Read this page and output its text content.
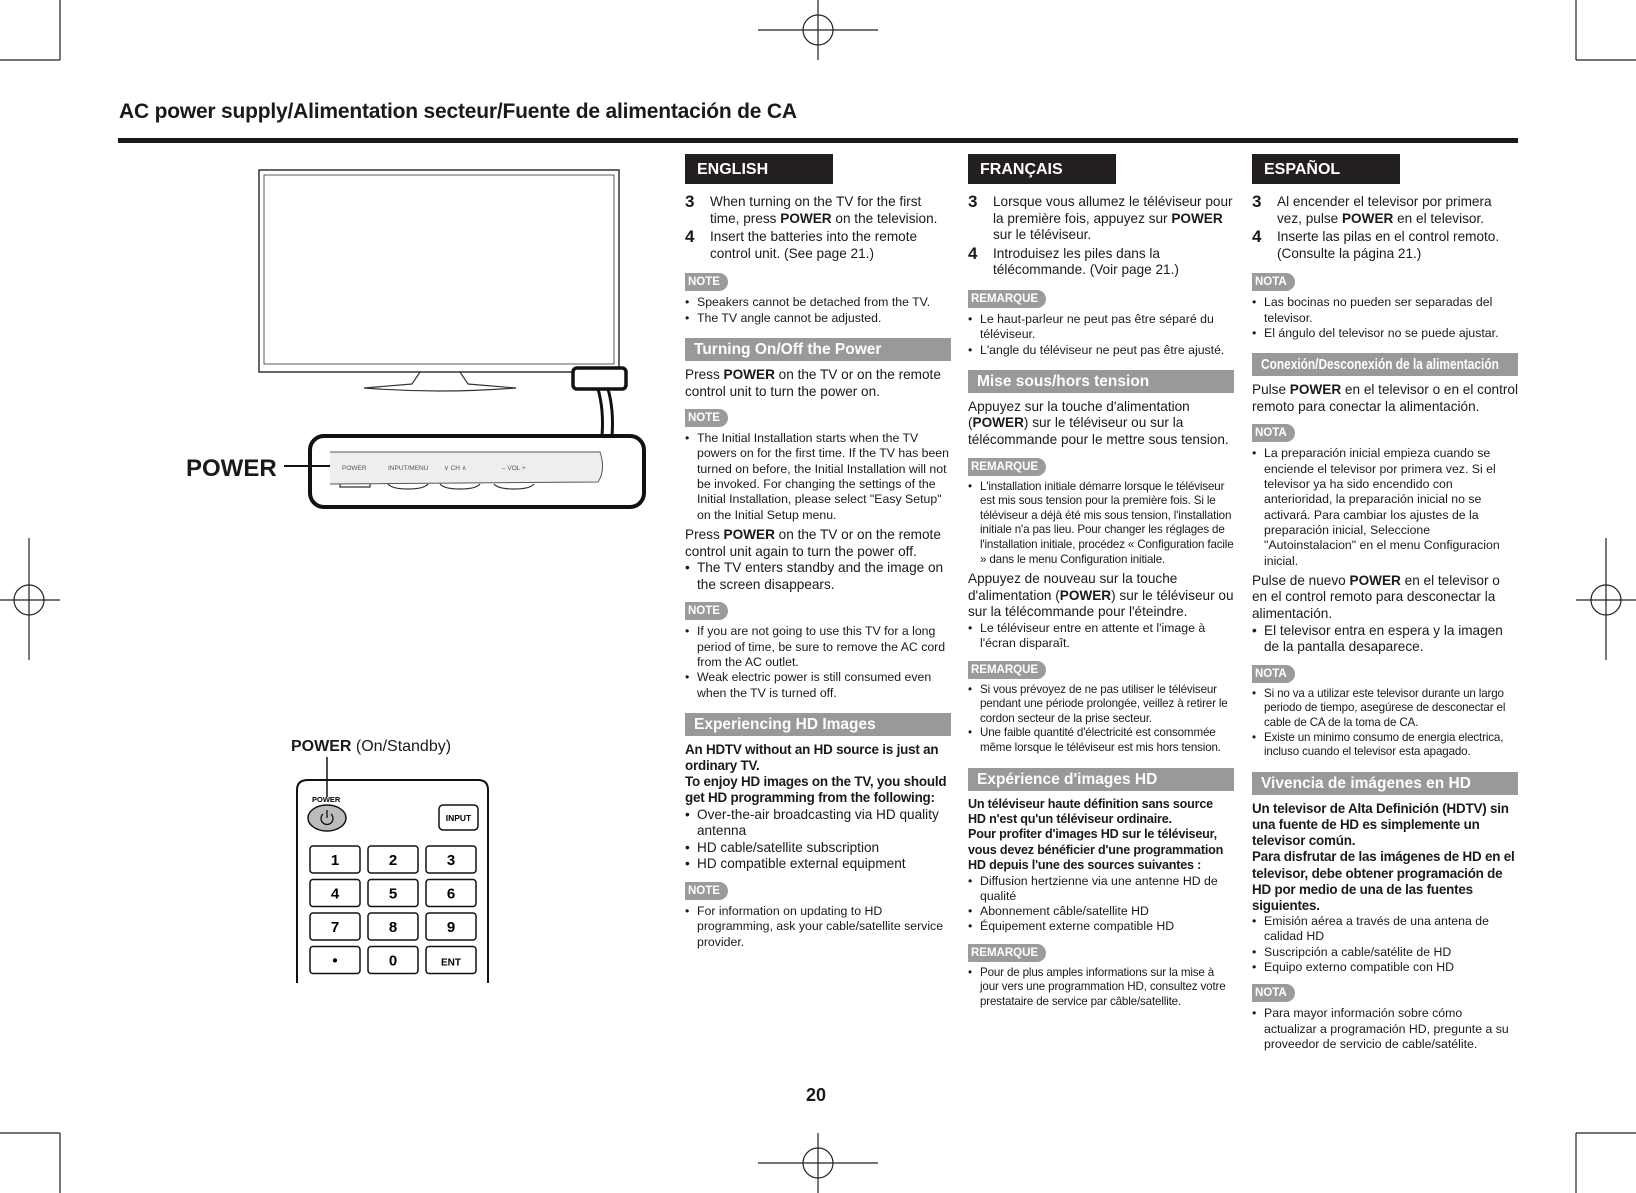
AC power supply/Alimentation secteur/Fuente de alimentación de CA
POWER	POWER	INPUT/MENU ∨ CH ∧	– VOL +
POWER (On/Standby)
POWER
INPUT
1	2	3
4	5	6
7	8	9
•	0	ENT
ENGLISH
3 When turning on the TV for the first time, press POWER on the television.
4 Insert the batteries into the remote control unit. (See page 21.)
NOTE
• Speakers cannot be detached from the TV.
• The TV angle cannot be adjusted.
Turning On/Off the Power
Press POWER on the TV or on the remote control unit to turn the power on.
NOTE
• The Initial Installation starts when the TV powers on for the first time. If the TV has been turned on before, the Initial Installation will not be invoked. For changing the settings of the Initial Installation, please select "Easy Setup" on the Initial Setup menu.
Press POWER on the TV or on the remote control unit again to turn the power off.
• The TV enters standby and the image on the screen disappears.
NOTE
• If you are not going to use this TV for a long period of time, be sure to remove the AC cord from the AC outlet.
• Weak electric power is still consumed even when the TV is turned off.
Experiencing HD Images
An HDTV without an HD source is just an ordinary TV.
To enjoy HD images on the TV, you should get HD programming from the following:
• Over-the-air broadcasting via HD quality antenna
• HD cable/satellite subscription
• HD compatible external equipment
NOTE
• For information on updating to HD programming, ask your cable/satellite service provider.
FRANÇAIS
3 Lorsque vous allumez le téléviseur pour la première fois, appuyez sur POWER sur le téléviseur.
4 Introduisez les piles dans la télécommande. (Voir page 21.)
REMARQUE
• Le haut-parleur ne peut pas être séparé du téléviseur.
• L'angle du téléviseur ne peut pas être ajusté.
Mise sous/hors tension
Appuyez sur la touche d'alimentation (POWER) sur le téléviseur ou sur la télécommande pour le mettre sous tension.
REMARQUE
• L'installation initiale démarre lorsque le téléviseur est mis sous tension pour la première fois. Si le téléviseur a déjà été mis sous tension, l'installation initiale n'a pas lieu. Pour changer les réglages de l'installation initiale, procédez « Configuration facile » dans le menu Configuration initiale.
Appuyez de nouveau sur la touche d'alimentation (POWER) sur le téléviseur ou sur la télécommande pour l'éteindre.
• Le téléviseur entre en attente et l'image à l'écran disparaît.
REMARQUE
• Si vous prévoyez de ne pas utiliser le téléviseur pendant une période prolongée, veillez à retirer le cordon secteur de la prise secteur.
• Une faible quantité d'électricité est consommée même lorsque le téléviseur est mis hors tension.
Expérience d'images HD
Un téléviseur haute définition sans source HD n'est qu'un téléviseur ordinaire.
Pour profiter d'images HD sur le téléviseur, vous devez bénéficier d'une programmation HD depuis l'une des sources suivantes :
• Diffusion hertzienne via une antenne HD de qualité
• Abonnement câble/satellite HD
• Équipement externe compatible HD
REMARQUE
• Pour de plus amples informations sur la mise à jour vers une programmation HD, consultez votre prestataire de service par câble/satellite.
ESPAÑOL
3 Al encender el televisor por primera vez, pulse POWER en el televisor.
4 Inserte las pilas en el control remoto. (Consulte la página 21.)
NOTA
• Las bocinas no pueden ser separadas del televisor.
• El ángulo del televisor no se puede ajustar.
Conexión/Desconexión de la alimentación
Pulse POWER en el televisor o en el control remoto para conectar la alimentación.
NOTA
• La preparación inicial empieza cuando se enciende el televisor por primera vez. Si el televisor ya ha sido encendido con anterioridad, la preparación inicial no se activará. Para cambiar los ajustes de la preparación inicial, Seleccione "Autoinstalacion" en el menu Configuracion inicial.
Pulse de nuevo POWER en el televisor o en el control remoto para desconectar la alimentación.
• El televisor entra en espera y la imagen de la pantalla desaparece.
NOTA
• Si no va a utilizar este televisor durante un largo periodo de tiempo, asegúrese de desconectar el cable de CA de la toma de CA.
• Existe un minimo consumo de energia electrica, incluso cuando el televisor esta apagado.
Vivencia de imágenes en HD
Un televisor de Alta Definición (HDTV) sin una fuente de HD es simplemente un televisor común.
Para disfrutar de las imágenes de HD en el televisor, debe obtener programación de HD por medio de una de las fuentes siguientes.
• Emisión aérea a través de una antena de calidad HD
• Suscripción a cable/satélite de HD
• Equipo externo compatible con HD
NOTA
• Para mayor información sobre cómo actualizar a programación HD, pregunte a su proveedor de servicio de cable/satélite.
20
